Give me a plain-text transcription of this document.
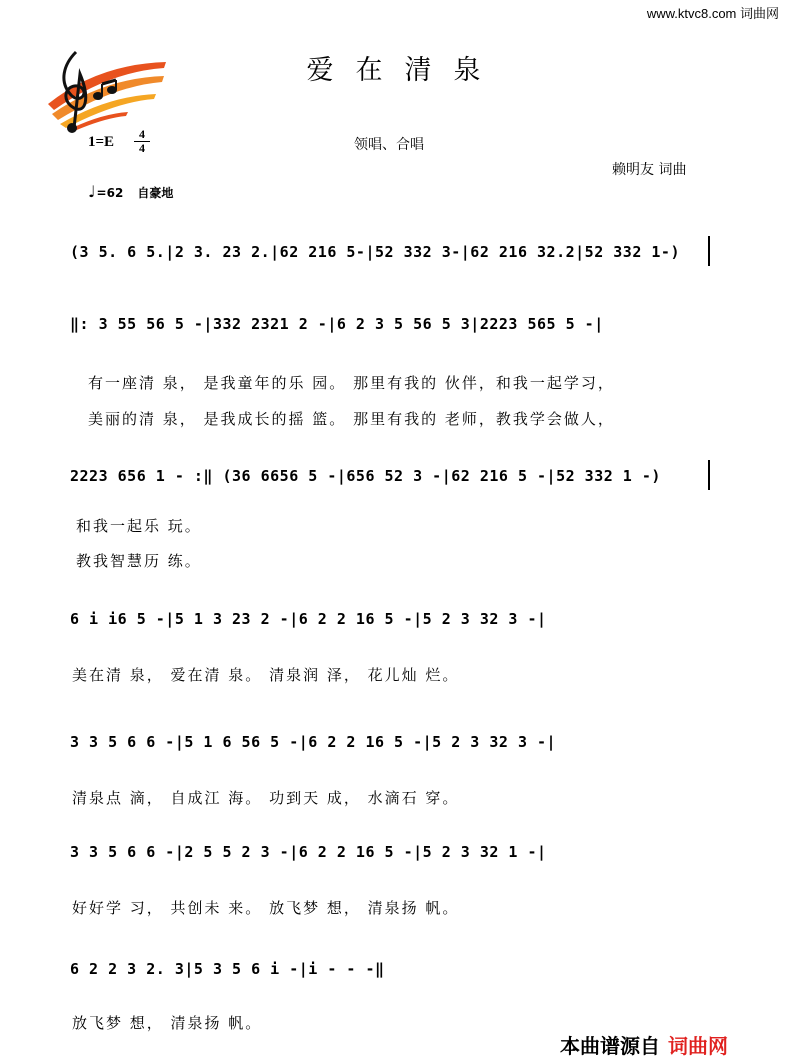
www.ktvc8.com 词曲网
爱在清泉
1=E	4
4	领唱、合唱
赖明友 词曲
♩=62 自豪地
(3 5. 6 5.|2 3. 23 2.|62 216 5-|52 332 3-|62 216 32.2|52 332 1-)
‖: 3 55 56 5 -|332 2321 2 -|6 2 3 5 56 5 3|2223 565 5 -|
有一座清 泉， 是我童年的乐 园。 那里有我的 伙伴，和我一起学习，
美丽的清 泉， 是我成长的摇 篮。 那里有我的 老师，教我学会做人，
2223 656 1 - :‖ (36 6656 5 -|656 52 3 -|62 216 5 -|52 332 1 -)
和我一起乐 玩。
教我智慧历 练。
6 i i6 5 -|5 1 3 23 2 -|6 2 2 16 5 -|5 2 3 32 3 -|
美在清 泉， 爱在清 泉。 清泉润 泽， 花儿灿 烂。
3 3 5 6 6 -|5 1 6 56 5 -|6 2 2 16 5 -|5 2 3 32 3 -|
清泉点 滴， 自成江 海。 功到天 成， 水滴石 穿。
3 3 5 6 6 -|2 5 5 2 3 -|6 2 2 16 5 -|5 2 3 32 1 -|
好好学 习， 共创未 来。 放飞梦 想， 清泉扬 帆。
6 2 2 3 2. 3|5 3 5 6 i -|i - - -‖
放飞梦 想， 清泉扬 帆。
本曲谱源自 词曲网
